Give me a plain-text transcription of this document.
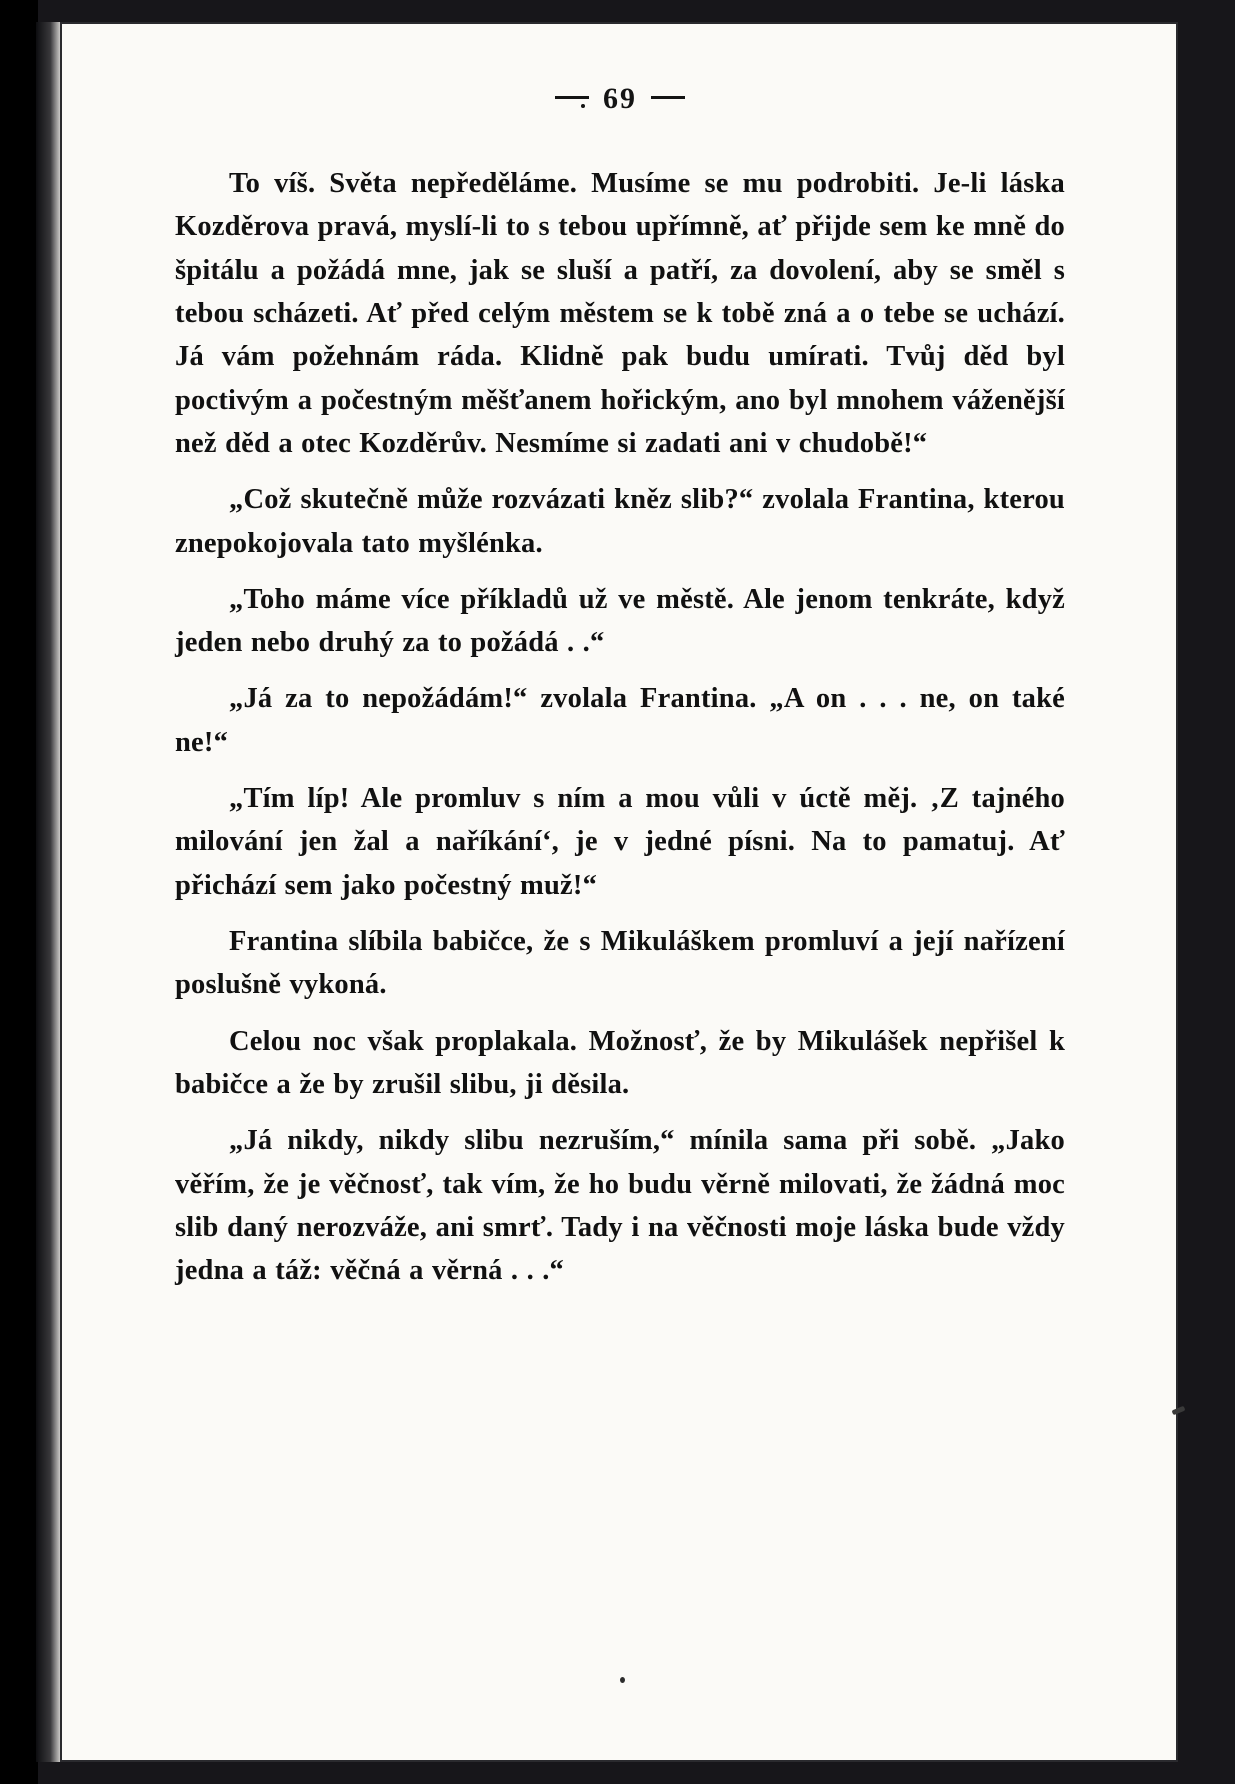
69

To víš. Světa nepředěláme. Musíme se mu podrobiti. Je-li láska Kozděrova pravá, myslí-li to s tebou upřímně, ať přijde sem ke mně do špitálu a požádá mne, jak se sluší a patří, za dovolení, aby se směl s tebou scházeti. Ať před celým městem se k tobě zná a o tebe se uchází. Já vám požehnám ráda. Klidně pak budu umírati. Tvůj děd byl poctivým a počestným měšťanem hořickým, ano byl mnohem váženější než děd a otec Kozděrův. Nesmíme si zadati ani v chudobě!“

„Což skutečně může rozvázati kněz slib?“ zvolala Frantina, kterou znepokojovala tato myšlénka.

„Toho máme více příkladů už ve městě. Ale jenom tenkráte, když jeden nebo druhý za to požádá . .“

„Já za to nepožádám!“ zvolala Frantina. „A on . . . ne, on také ne!“

„Tím líp! Ale promluv s ním a mou vůli v úctě měj. ‚Z tajného milování jen žal a naříkání‘, je v jedné písni. Na to pamatuj. Ať přichází sem jako počestný muž!“

Frantina slíbila babičce, že s Mikuláškem promluví a její nařízení poslušně vykoná.

Celou noc však proplakala. Možnosť, že by Mikulášek nepřišel k babičce a že by zrušil slibu, ji děsila.

„Já nikdy, nikdy slibu nezruším,“ mínila sama při sobě. „Jako věřím, že je věčnosť, tak vím, že ho budu věrně milovati, že žádná moc slib daný nerozváže, ani smrť. Tady i na věčnosti moje láska bude vždy jedna a táž: věčná a věrná . . .“
